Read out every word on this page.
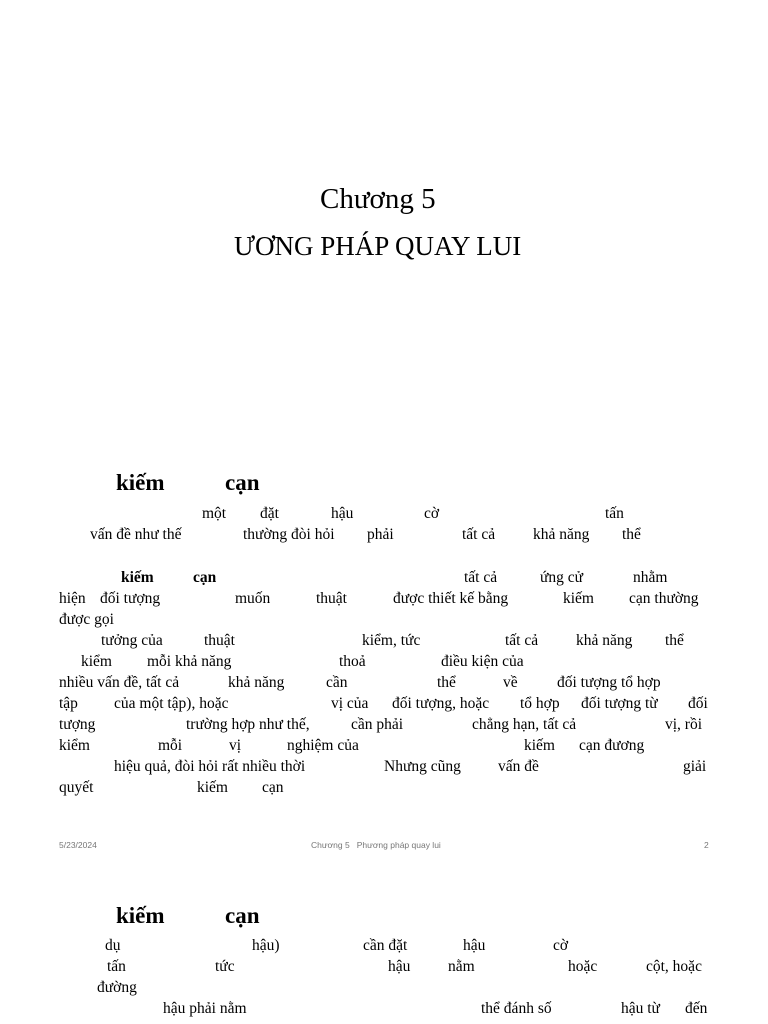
Chương 5
ƯƠNG PHÁP QUAY LUI
kiếm	cạn
một đặt	hậu	cờ	tấn
vấn đề như thế	thường đòi hỏi phải	tất cả khả năng thể
kiếm	cạn	tất cả	ứng cử	nhằm
hiện đối tượng	muốn	thuật	được thiết kế bằng	kiếm cạn thường
được gọi
tưởng của	thuật	kiểm, tức	tất cả khả năng thể
kiểm mỗi khả năng	thoả	điều kiện của
nhiều vấn đề, tất cả	khả năng	cần	thể	về	đối tượng tổ hợp
tập của một tập), hoặc	vị của đối tượng, hoặc tổ hợp đối tượng từ đối
tượng	trường hợp như thế,	cần phải	chẳng hạn, tất cả	vị, rồi
kiểm	mỗi	vị	nghiệm của	kiếm cạn đương
hiệu quả, đòi hỏi rất nhiều thời	Nhưng cũng vấn đề	giải
quyết	kiếm cạn
5/23/2024	Chương 5   Phương pháp quay lui	2
kiếm	cạn
dụ	hậu)	cần đặt	hậu	cờ
tấn	tức	hậu nằm	hoặc	cột, hoặc
đường
hậu phải nằm	thể đánh số	hậu từ đến
